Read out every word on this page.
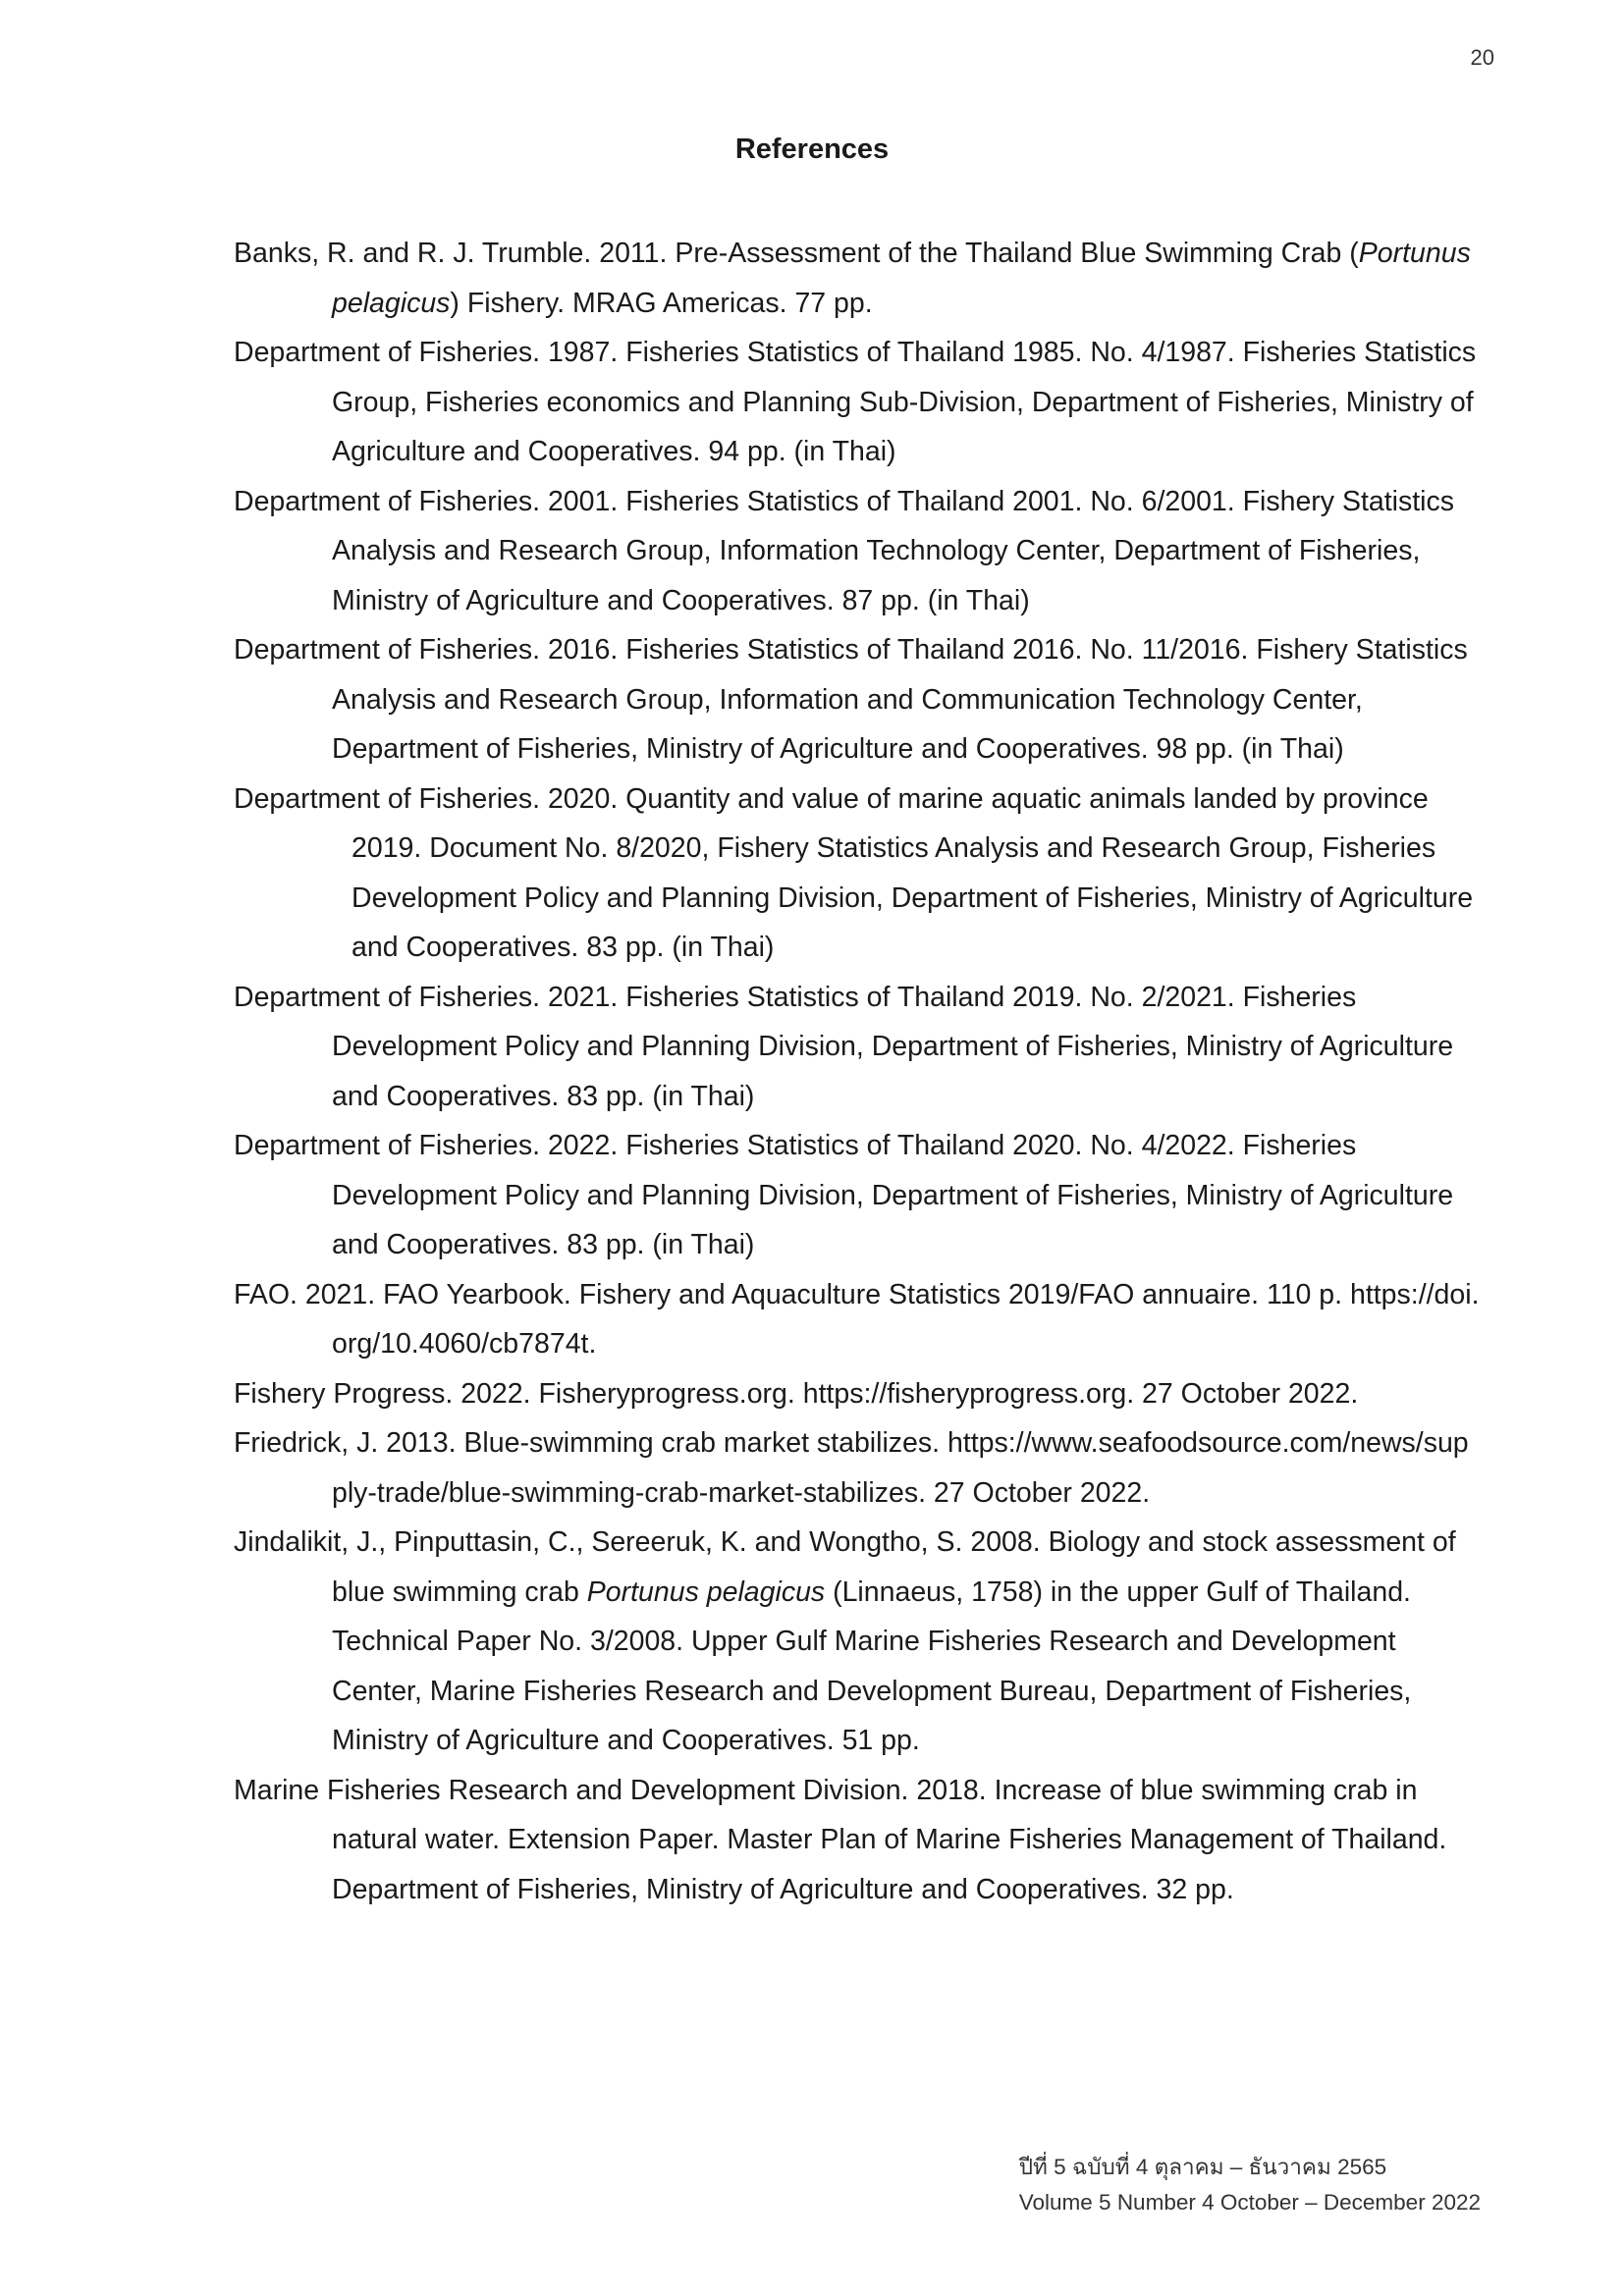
20
References
Banks, R. and R. J. Trumble. 2011. Pre-Assessment of the Thailand Blue Swimming Crab (Portunus pelagicus) Fishery. MRAG Americas. 77 pp.
Department of Fisheries. 1987. Fisheries Statistics of Thailand 1985. No. 4/1987. Fisheries Statistics Group, Fisheries economics and Planning Sub-Division, Department of Fisheries, Ministry of Agriculture and Cooperatives. 94 pp. (in Thai)
Department of Fisheries. 2001. Fisheries Statistics of Thailand 2001. No. 6/2001. Fishery Statistics Analysis and Research Group, Information Technology Center, Department of Fisheries, Ministry of Agriculture and Cooperatives. 87 pp. (in Thai)
Department of Fisheries. 2016. Fisheries Statistics of Thailand 2016. No. 11/2016. Fishery Statistics Analysis and Research Group, Information and Communication Technology Center, Department of Fisheries, Ministry of Agriculture and Cooperatives. 98 pp. (in Thai)
Department of Fisheries. 2020. Quantity and value of marine aquatic animals landed by province 2019. Document No. 8/2020, Fishery Statistics Analysis and Research Group, Fisheries Development Policy and Planning Division, Department of Fisheries, Ministry of Agriculture and Cooperatives. 83 pp. (in Thai)
Department of Fisheries. 2021. Fisheries Statistics of Thailand 2019. No. 2/2021. Fisheries Development Policy and Planning Division, Department of Fisheries, Ministry of Agriculture and Cooperatives. 83 pp. (in Thai)
Department of Fisheries. 2022. Fisheries Statistics of Thailand 2020. No. 4/2022. Fisheries Development Policy and Planning Division, Department of Fisheries, Ministry of Agriculture and Cooperatives. 83 pp. (in Thai)
FAO. 2021. FAO Yearbook. Fishery and Aquaculture Statistics 2019/FAO annuaire. 110 p. https://doi.org/10.4060/cb7874t.
Fishery Progress. 2022. Fisheryprogress.org. https://fisheryprogress.org. 27 October 2022.
Friedrick, J. 2013. Blue-swimming crab market stabilizes. https://www.seafoodsource.com/news/supply-trade/blue-swimming-crab-market-stabilizes. 27 October 2022.
Jindalikit, J., Pinputtasin, C., Sereeruk, K. and Wongtho, S. 2008. Biology and stock assessment of blue swimming crab Portunus pelagicus (Linnaeus, 1758) in the upper Gulf of Thailand. Technical Paper No. 3/2008. Upper Gulf Marine Fisheries Research and Development Center, Marine Fisheries Research and Development Bureau, Department of Fisheries, Ministry of Agriculture and Cooperatives. 51 pp.
Marine Fisheries Research and Development Division. 2018. Increase of blue swimming crab in natural water. Extension Paper. Master Plan of Marine Fisheries Management of Thailand. Department of Fisheries, Ministry of Agriculture and Cooperatives. 32 pp.
ปีที่ 5 ฉบับที่ 4 ตุลาคม – ธันวาคม 2565
Volume 5 Number 4 October – December 2022
